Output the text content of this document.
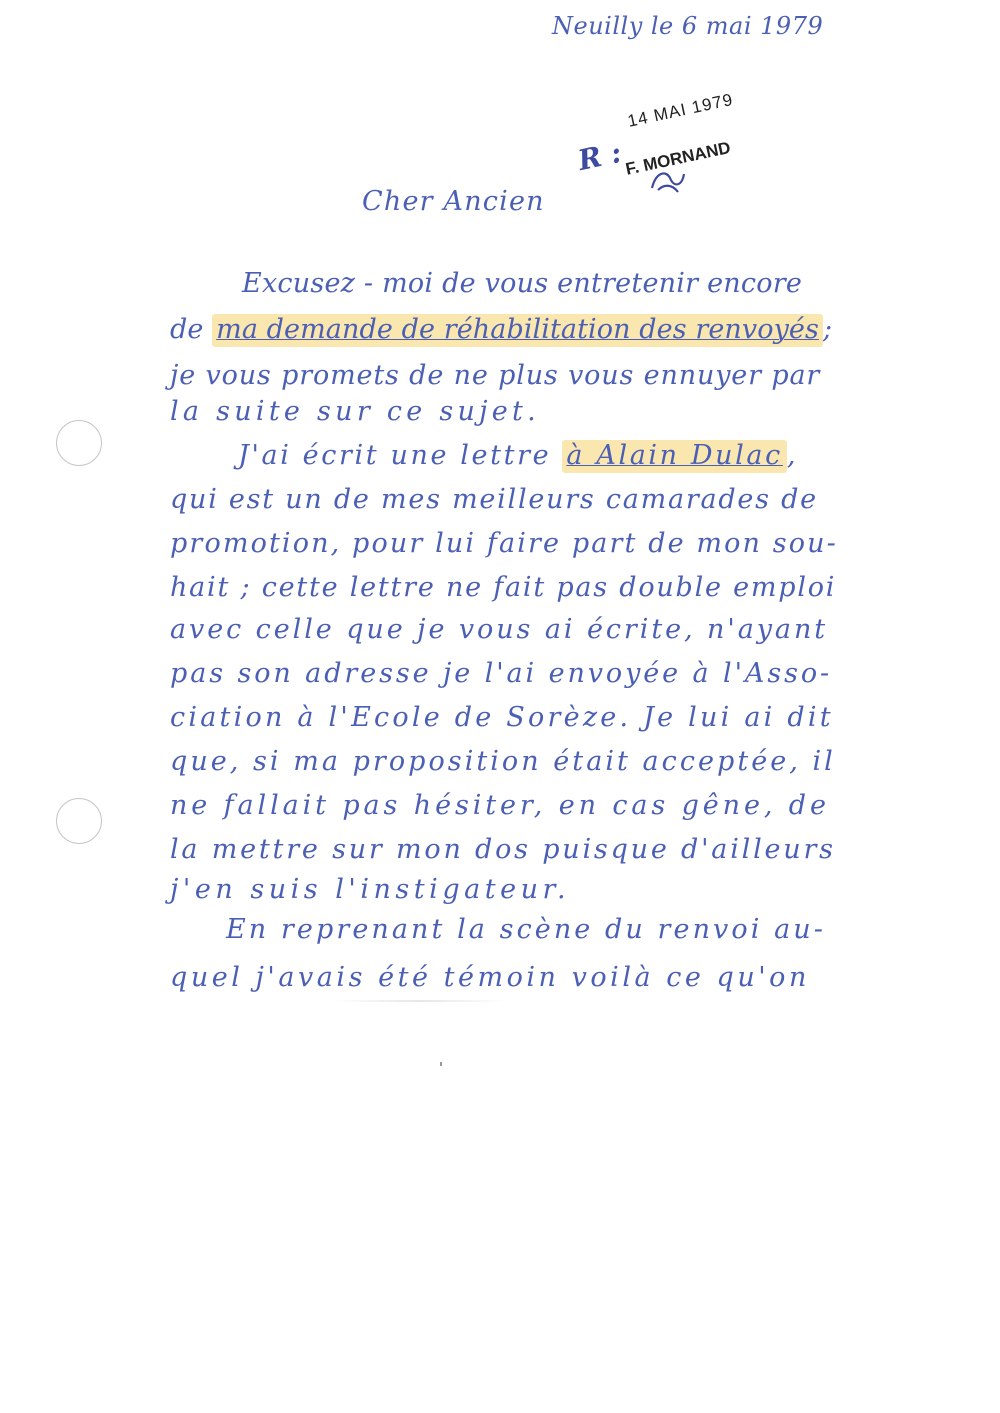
Neuilly le 6 mai 1979
R :
14 MAI 1979
F. MORNAND
Cher Ancien
Excusez - moi de vous entretenir encore
de ma demande de réhabilitation des renvoyés ;
je vous promets de ne plus vous ennuyer par
la suite sur ce sujet.
J'ai écrit une lettre à Alain Dulac ,
qui est un de mes meilleurs camarades de
promotion, pour lui faire part de mon sou-
hait ; cette lettre ne fait pas double emploi
avec celle que je vous ai écrite, n'ayant
pas son adresse je l'ai envoyée à l'Asso-
ciation à l'Ecole de Sorèze. Je lui ai dit
que, si ma proposition était acceptée, il
ne fallait pas hésiter, en cas gêne, de
la mettre sur mon dos puisque d'ailleurs
j'en suis l'instigateur.
En reprenant la scène du renvoi au-
quel j'avais été témoin voilà ce qu'on
